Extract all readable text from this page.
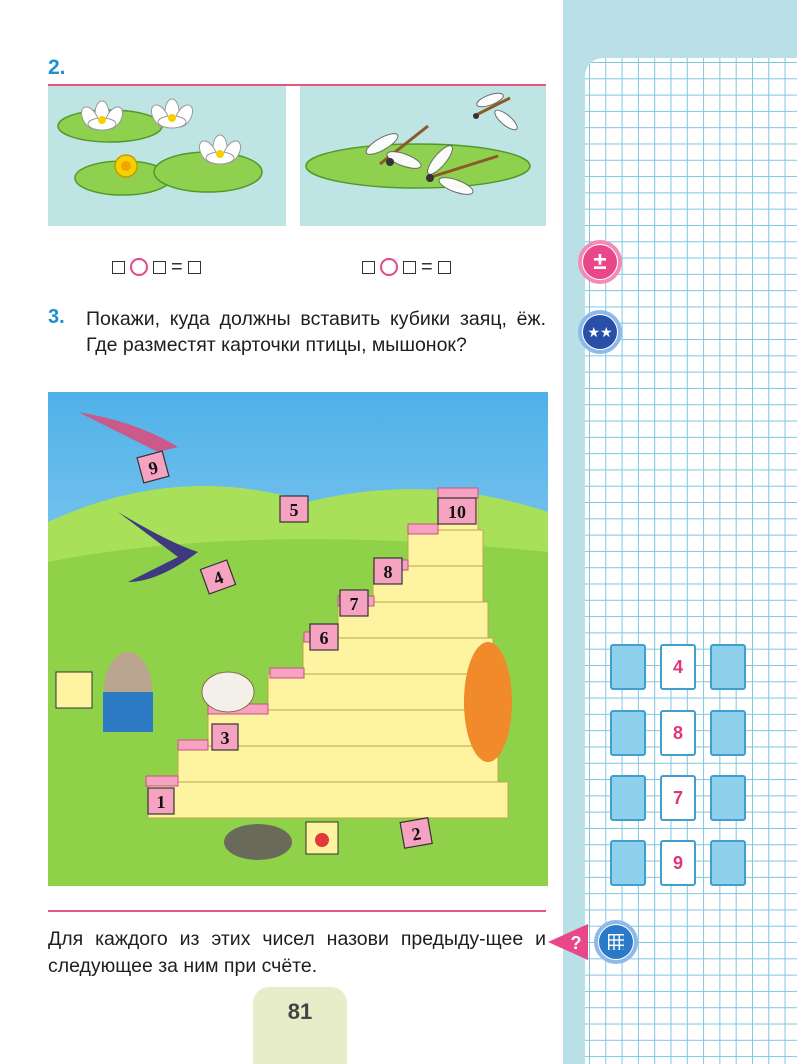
2.
=	=
3. Покажи, куда должны вставить кубики заяц, ёж. Где разместят карточки птицы, мышонок?
1
3
6
7
8
10
9
4
5
2
±
★★
4
8
7
9
Для каждого из этих чисел назови предыду-щее и следующее за ним при счёте.
?
81
